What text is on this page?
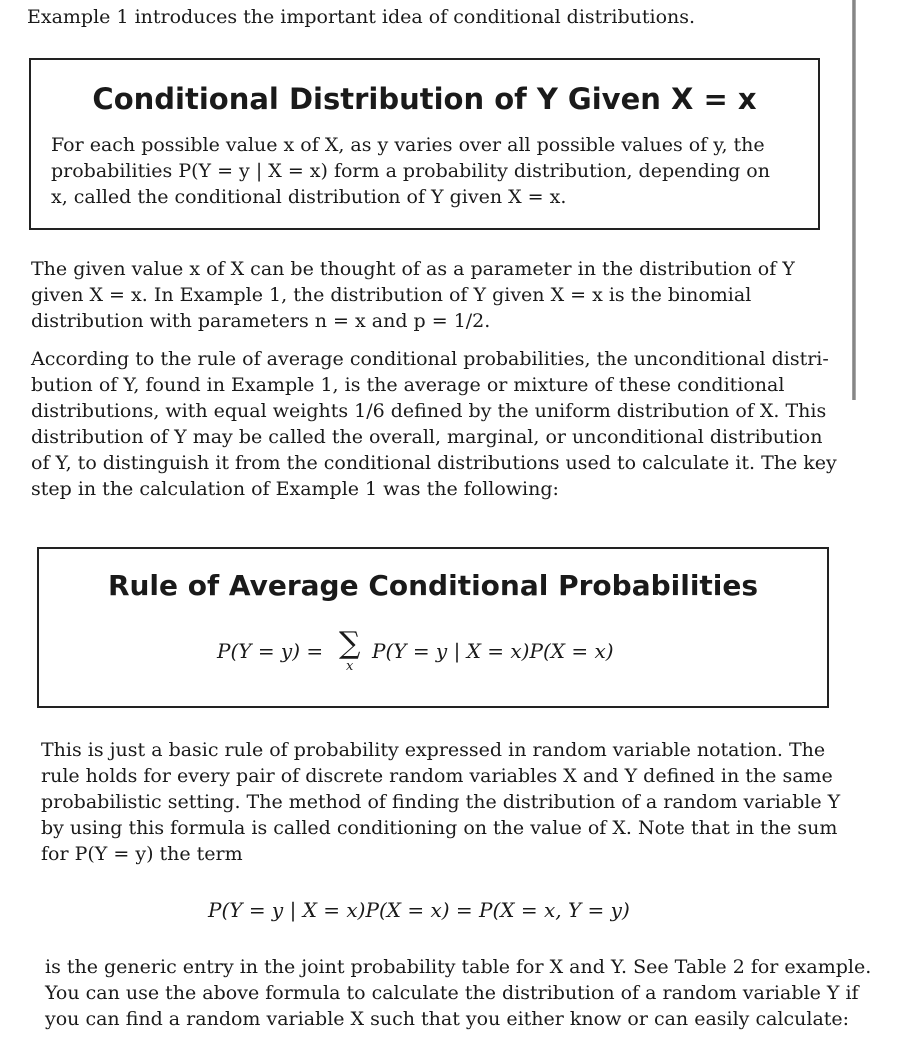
Example 1 introduces the important idea of conditional distributions.

Conditional Distribution of Y Given X = x

For each possible value x of X, as y varies over all possible values of y, the
probabilities P(Y = y | X = x) form a probability distribution, depending on
x, called the conditional distribution of Y given X = x.

The given value x of X can be thought of as a parameter in the distribution of Y
given X = x. In Example 1, the distribution of Y given X = x is the binomial
distribution with parameters n = x and p = 1/2.

According to the rule of average conditional probabilities, the unconditional distri-
bution of Y, found in Example 1, is the average or mixture of these conditional
distributions, with equal weights 1/6 defined by the uniform distribution of X. This
distribution of Y may be called the overall, marginal, or unconditional distribution
of Y, to distinguish it from the conditional distributions used to calculate it. The key
step in the calculation of Example 1 was the following:

Rule of Average Conditional Probabilities

P(Y = y) = ∑
x
P(Y = y | X = x)P(X = x)

This is just a basic rule of probability expressed in random variable notation. The
rule holds for every pair of discrete random variables X and Y defined in the same
probabilistic setting. The method of finding the distribution of a random variable Y
by using this formula is called conditioning on the value of X. Note that in the sum
for P(Y = y) the term

P(Y = y | X = x)P(X = x) = P(X = x, Y = y)

is the generic entry in the joint probability table for X and Y. See Table 2 for example.
You can use the above formula to calculate the distribution of a random variable Y if
you can find a random variable X such that you either know or can easily calculate:
